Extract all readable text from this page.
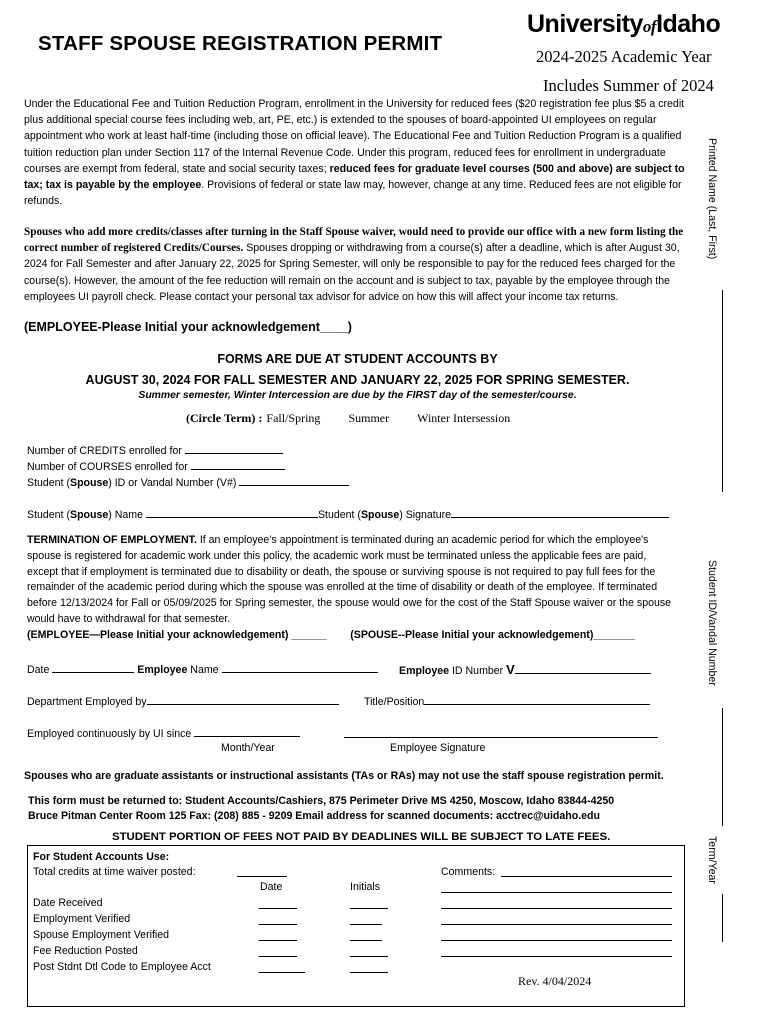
STAFF SPOUSE REGISTRATION PERMIT
UniversityofIdaho
2024-2025 Academic Year
Includes Summer of 2024
Under the Educational Fee and Tuition Reduction Program, enrollment in the University for reduced fees ($20 registration fee plus $5 a credit plus additional special course fees including web, art, PE, etc.) is extended to the spouses of board-appointed UI employees on regular appointment who work at least half-time (including those on official leave). The Educational Fee and Tuition Reduction Program is a qualified tuition reduction plan under Section 117 of the Internal Revenue Code. Under this program, reduced fees for enrollment in undergraduate courses are exempt from federal, state and social security taxes; reduced fees for graduate level courses (500 and above) are subject to tax; tax is payable by the employee. Provisions of federal or state law may, however, change at any time. Reduced fees are not eligible for refunds.
Spouses who add more credits/classes after turning in the Staff Spouse waiver, would need to provide our office with a new form listing the correct number of registered Credits/Courses. Spouses dropping or withdrawing from a course(s) after a deadline, which is after August 30, 2024 for Fall Semester and after January 22, 2025 for Spring Semester, will only be responsible to pay for the reduced fees charged for the course(s). However, the amount of the fee reduction will remain on the account and is subject to tax, payable by the employee through the employees UI payroll check. Please contact your personal tax advisor for advice on how this will affect your income tax returns.
(EMPLOYEE-Please Initial your acknowledgement____)
FORMS ARE DUE AT STUDENT ACCOUNTS BY
AUGUST 30, 2024 FOR FALL SEMESTER AND JANUARY 22, 2025 FOR SPRING SEMESTER.
Summer semester, Winter Intercession are due by the FIRST day of the semester/course.
(Circle Term) : Fall/Spring Summer Winter Intersession
Number of CREDITS enrolled for
Number of COURSES enrolled for
Student (Spouse) ID or Vandal Number (V#)
Student (Spouse) Name	Student (Spouse) Signature
TERMINATION OF EMPLOYMENT. If an employee's appointment is terminated during an academic period for which the employee's spouse is registered for academic work under this policy, the academic work must be terminated unless the applicable fees are paid, except that if employment is terminated due to disability or death, the spouse or surviving spouse is not required to pay full fees for the remainder of the academic period during which the spouse was enrolled at the time of disability or death of the employee. If terminated before 12/13/2024 for Fall or 05/09/2025 for Spring semester, the spouse would owe for the cost of the Staff Spouse waiver or the spouse would have to withdrawal for that semester.
(EMPLOYEE—Please Initial your acknowledgement) ______ (SPOUSE--Please Initial your acknowledgement)_______
Date	Employee Name	Employee ID Number V
Department Employed by	Title/Position
Employed continuously by UI since
Month/Year	Employee Signature
Spouses who are graduate assistants or instructional assistants (TAs or RAs) may not use the staff spouse registration permit.
This form must be returned to: Student Accounts/Cashiers, 875 Perimeter Drive MS 4250, Moscow, Idaho 83844-4250
Bruce Pitman Center Room 125 Fax: (208) 885 - 9209 Email address for scanned documents: acctrec@uidaho.edu
STUDENT PORTION OF FEES NOT PAID BY DEADLINES WILL BE SUBJECT TO LATE FEES.
For Student Accounts Use:
Total credits at time waiver posted:
Date	Initials
Comments:
Date Received
Employment Verified
Spouse Employment Verified
Fee Reduction Posted
Post Stdnt Dtl Code to Employee Acct
Rev. 4/04/2024
Printed Name (Last, First)
Student ID/Vandal Number
Term/Year
